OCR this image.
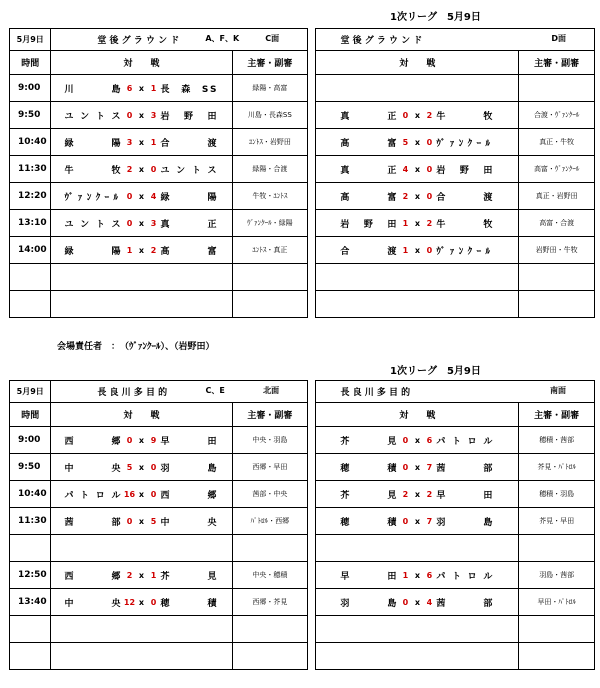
1次リーグ　5月9日
5月9日	堂 後 グ ラ ウ ン ド A、F、K C面			堂 後 グ ラ ウ ン ド D面	

時間	対　　戦	主審・副審		対　　戦	主審・副審
9:00	川　島 6 x 1 長 森 SS	緑陽・高富			
9:50	ユントス 0 x 3 岩 野 田	川島・長森SS		真　正 0 x 2 牛　牧	合渡・ｳﾞｧﾝｸｰﾙ
10:40	緑　陽 3 x 1 合　渡	ﾕﾝﾄｽ・岩野田		高　富 5 x 0 ｳﾞｧﾝｸｰﾙ	真正・牛牧
11:30	牛　牧 2 x 0 ユントス	緑陽・合渡		真　正 4 x 0 岩 野 田	高富・ｳﾞｧﾝｸｰﾙ
12:20	ｳﾞｧﾝｸｰﾙ 0 x 4 緑　陽	牛牧・ﾕﾝﾄｽ		高　富 2 x 0 合　渡	真正・岩野田
13:10	ユントス 0 x 3 真　正	ｳﾞｧﾝｸｰﾙ・緑陽		岩 野 田 1 x 2 牛　牧	高富・合渡
14:00	緑　陽 1 x 2 高　富	ﾕﾝﾄｽ・真正		合　渡 1 x 0 ｳﾞｧﾝｸｰﾙ	岩野田・牛牧

会場責任者　：　（ｳﾞｧﾝｸｰﾙ）、（岩野田）
1次リーグ　5月9日
5月9日	長 良 川 多 目 的 C、E 北面			長 良 川 多 目 的 南面	

時間	対　　戦	主審・副審		対　　戦	主審・副審
9:00	西　郷 0 x 9 早　田	中央・羽島		芥　見 0 x 6 パトロル	穂積・茜部
9:50	中　央 5 x 0 羽　島	西郷・早田		穂　積 0 x 7 茜　部	芥見・ﾊﾟﾄﾛﾙ
10:40	パトロル 16 x 0 西　郷	茜部・中央		芥　見 2 x 2 早　田	穂積・羽島
11:30	茜　部 0 x 5 中　央	ﾊﾟﾄﾛﾙ・西郷		穂　積 0 x 7 羽　島	芥見・早田

12:50	西　郷 2 x 1 芥　見	中央・穂積		早　田 1 x 6 パトロル	羽島・茜部
13:40	中　央 12 x 0 穂　積	西郷・芥見		羽　島 0 x 4 茜　部	早田・ﾊﾟﾄﾛﾙ
